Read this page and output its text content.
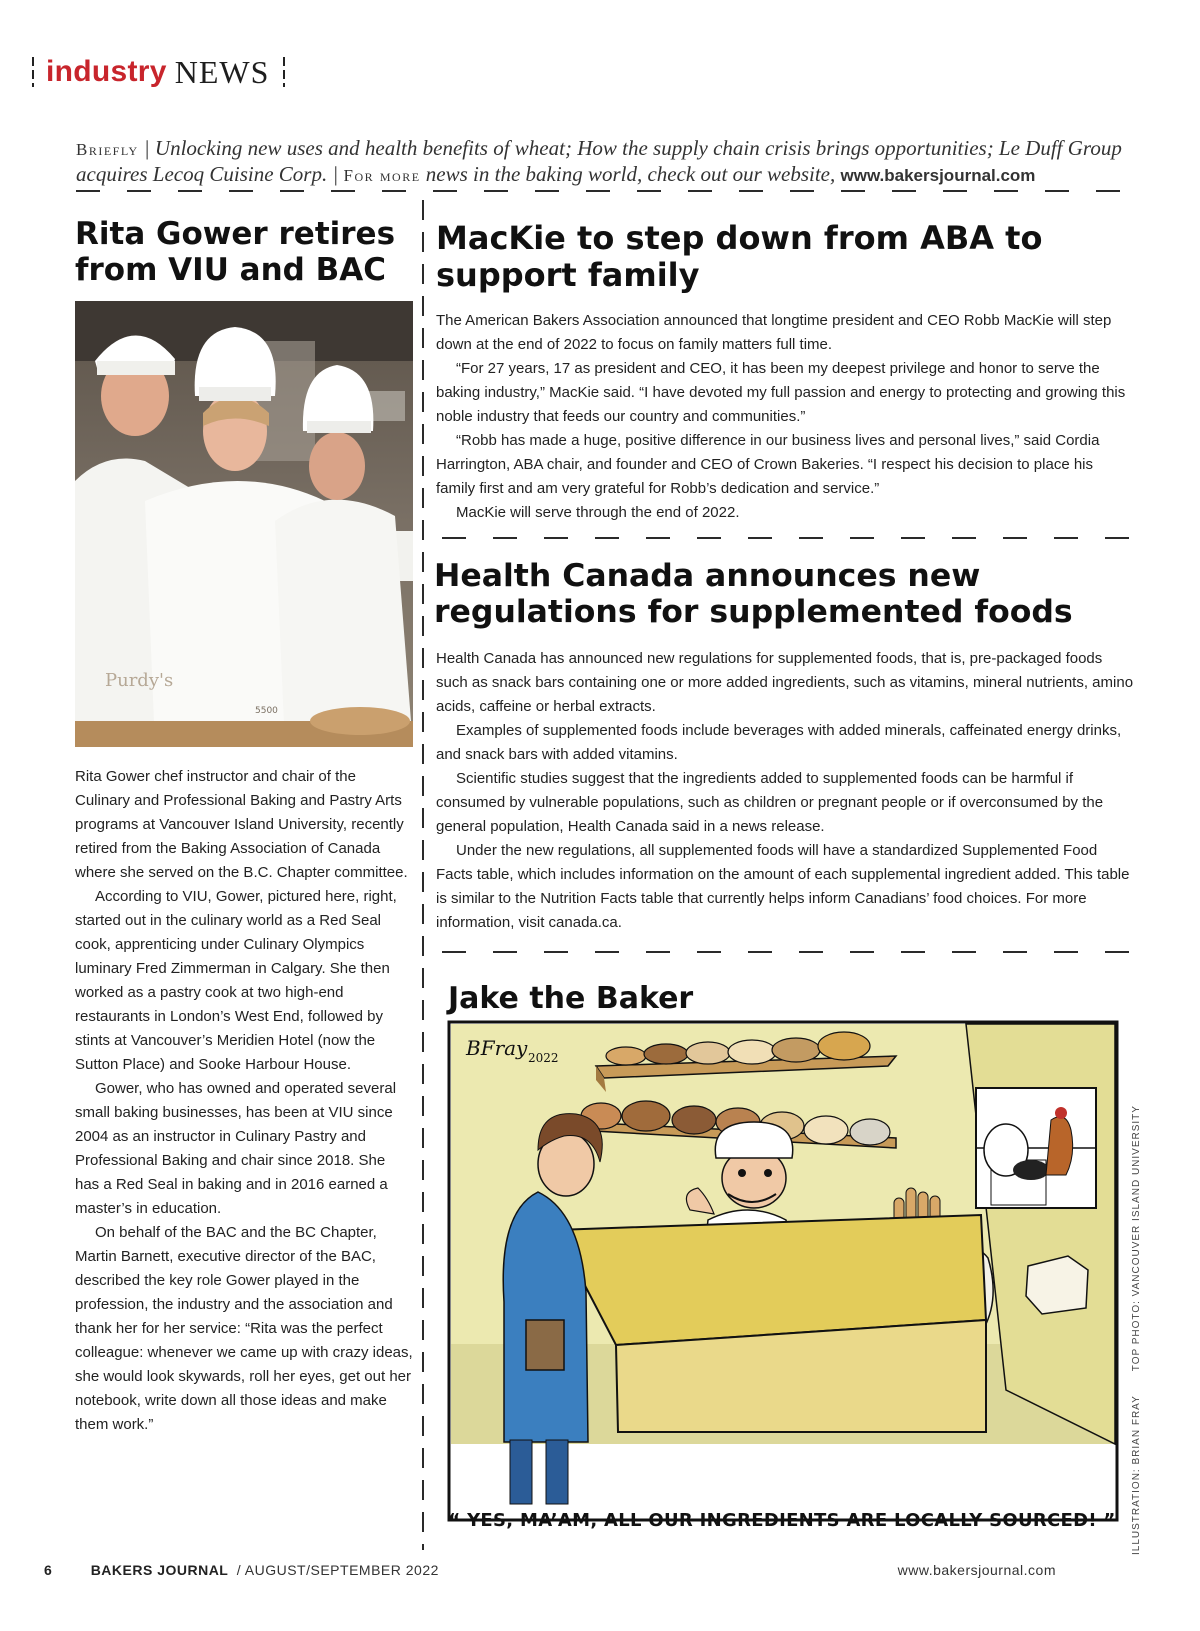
industry NEWS
Briefly | Unlocking new uses and health benefits of wheat; How the supply chain crisis brings opportunities; Le Duff Group acquires Lecoq Cuisine Corp. | For more news in the baking world, check out our website, www.bakersjournal.com
Rita Gower retires from VIU and BAC
Purdy's
5500

Rita Gower chef instructor and chair of the Culinary and Professional Baking and Pastry Arts programs at Vancouver Island University, recently retired from the Baking Association of Canada where she served on the B.C. Chapter committee.

According to VIU, Gower, pictured here, right, started out in the culinary world as a Red Seal cook, apprenticing under Culinary Olympics luminary Fred Zimmerman in Calgary. She then worked as a pastry cook at two high-end restaurants in London’s West End, followed by stints at Vancouver’s Meridien Hotel (now the Sutton Place) and Sooke Harbour House.

Gower, who has owned and operated several small baking businesses, has been at VIU since 2004 as an instructor in Culinary Pastry and Professional Baking and chair since 2018. She has a Red Seal in baking and in 2016 earned a master’s in education.

On behalf of the BAC and the BC Chapter, Martin Barnett, executive director of the BAC, described the key role Gower played in the profession, the industry and the association and thank her for her service: “Rita was the perfect colleague: whenever we came up with crazy ideas, she would look skywards, roll her eyes, get out her notebook, write down all those ideas and make them work.”

MacKie to step down from ABA to support family

The American Bakers Association announced that longtime president and CEO Robb MacKie will step down at the end of 2022 to focus on family matters full time.

“For 27 years, 17 as president and CEO, it has been my deepest privilege and honor to serve the baking industry,” MacKie said. “I have devoted my full passion and energy to protecting and growing this noble industry that feeds our country and communities.”

“Robb has made a huge, positive difference in our business lives and personal lives,” said Cordia Harrington, ABA chair, and founder and CEO of Crown Bakeries. “I respect his decision to place his family first and am very grateful for Robb’s dedication and service.”

MacKie will serve through the end of 2022.

Health Canada announces new regulations for supplemented foods

Health Canada has announced new regulations for supplemented foods, that is, pre-packaged foods such as snack bars containing one or more added ingredients, such as vitamins, mineral nutrients, amino acids, caffeine or herbal extracts.

Examples of supplemented foods include beverages with added minerals, caffeinated energy drinks, and snack bars with added vitamins.

Scientific studies suggest that the ingredients added to supplemented foods can be harmful if consumed by vulnerable populations, such as children or pregnant people or if overconsumed by the general population, Health Canada said in a news release.

Under the new regulations, all supplemented foods will have a standardized Supplemented Food Facts table, which includes information on the amount of each supplemental ingredient added. This table is similar to the Nutrition Facts table that currently helps inform Canadians’ food choices. For more information, visit canada.ca.

Jake the Baker
BFray 2022
“ YES, MA’AM, ALL OUR INGREDIENTS ARE LOCALLY SOURCED! ” ILLUSTRATION: BRIAN FRAYTOP PHOTO: VANCOUVER ISLAND UNIVERSITY
6	BAKERS JOURNAL / AUGUST/SEPTEMBER 2022	www.bakersjournal.com
